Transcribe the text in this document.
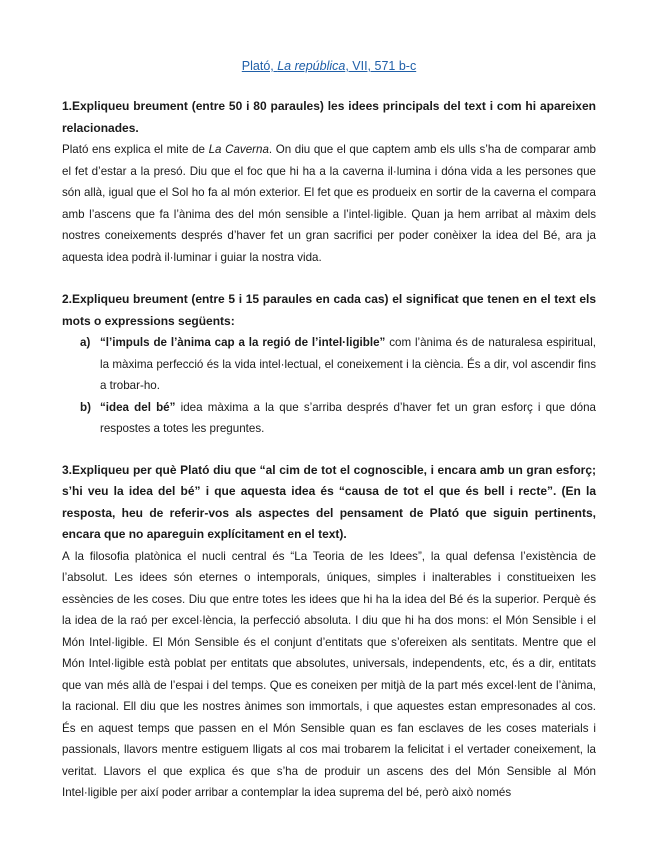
Plató, La república, VII, 571 b-c

1.Expliqueu breument (entre 50 i 80 paraules) les idees principals del text i com hi apareixen relacionades.

Plató ens explica el mite de La Caverna. On diu que el que captem amb els ulls s’ha de comparar amb el fet d’estar a la presó. Diu que el foc que hi ha a la caverna il·lumina i dóna vida a les persones que són allà, igual que el Sol ho fa al món exterior. El fet que es produeix en sortir de la caverna el compara amb l’ascens que fa l’ànima des del món sensible a l’intel·ligible. Quan ja hem arribat al màxim dels nostres coneixements després d’haver fet un gran sacrifici per poder conèixer la idea del Bé, ara ja aquesta idea podrà il·luminar i guiar la nostra vida.

2.Expliqueu breument (entre 5 i 15 paraules en cada cas) el significat que tenen en el text els mots o expressions següents:

a) “l’impuls de l’ànima cap a la regió de l’intel·ligible” com l’ànima és de naturalesa espiritual, la màxima perfecció és la vida intel·lectual, el coneixement i la ciència. És a dir, vol ascendir fins a trobar-ho.
b) “idea del bé” idea màxima a la que s’arriba després d’haver fet un gran esforç i que dóna respostes a totes les preguntes.

3.Expliqueu per què Plató diu que “al cim de tot el cognoscible, i encara amb un gran esforç; s’hi veu la idea del bé” i que aquesta idea és “causa de tot el que és bell i recte”. (En la resposta, heu de referir-vos als aspectes del pensament de Plató que siguin pertinents, encara que no apareguin explícitament en el text).

A la filosofia platònica el nucli central és “La Teoria de les Idees”, la qual defensa l’existència de l’absolut. Les idees són eternes o intemporals, úniques, simples i inalterables i constitueixen les essències de les coses. Diu que entre totes les idees que hi ha la idea del Bé és la superior. Perquè és la idea de la raó per excel·lència, la perfecció absoluta. I diu que hi ha dos mons: el Món Sensible i el Món Intel·ligible. El Món Sensible és el conjunt d’entitats que s’ofereixen als sentitats. Mentre que el Món Intel·ligible està poblat per entitats que absolutes, universals, independents, etc, és a dir, entitats que van més allà de l’espai i del temps. Que es coneixen per mitjà de la part més excel·lent de l’ànima, la racional. Ell diu que les nostres ànimes son immortals, i que aquestes estan empresonades al cos. És en aquest temps que passen en el Món Sensible quan es fan esclaves de les coses materials i passionals, llavors mentre estiguem lligats al cos mai trobarem la felicitat i el vertader coneixement, la veritat. Llavors el que explica és que s’ha de produir un ascens des del Món Sensible al Món Intel·ligible per així poder arribar a contemplar la idea suprema del bé, però això només
